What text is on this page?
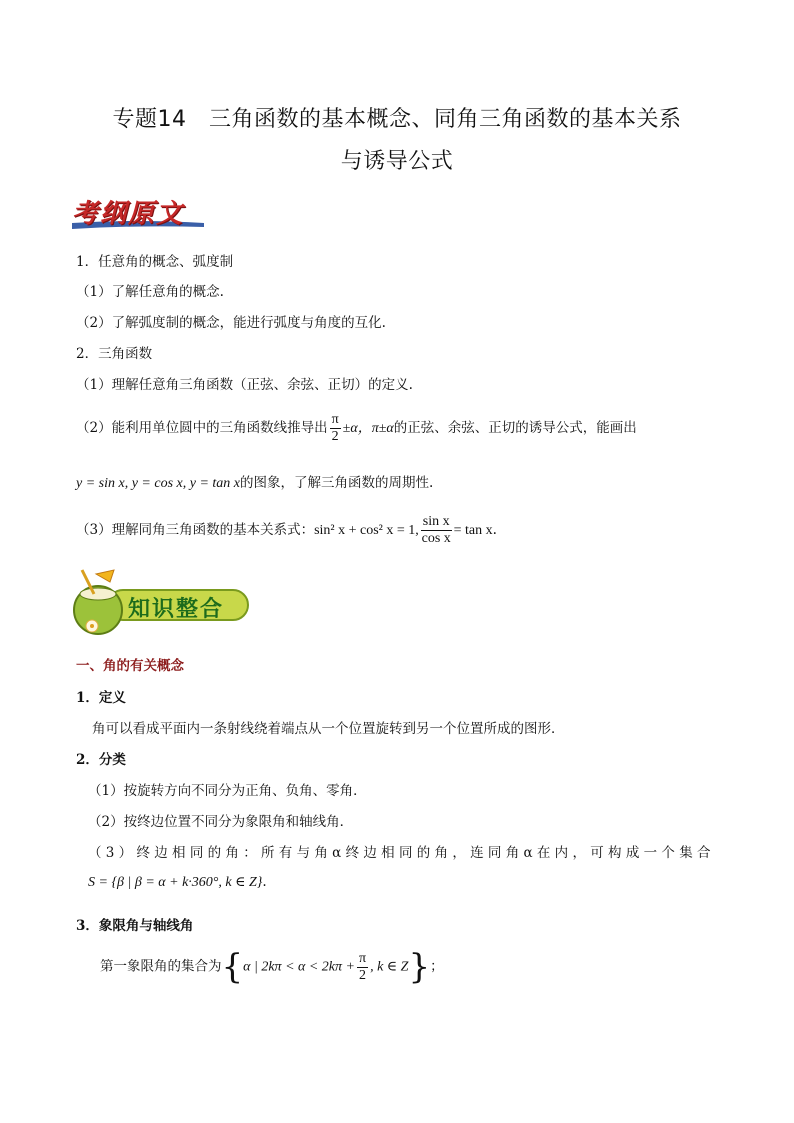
专题14　三角函数的基本概念、同角三角函数的基本关系
与诱导公式
考纲原文
1．任意角的概念、弧度制
（1）了解任意角的概念.
（2）了解弧度制的概念，能进行弧度与角度的互化.
2．三角函数
（1）理解任意角三角函数（正弦、余弦、正切）的定义.
（2）能利用单位圆中的三角函数线推导出 $\frac{\pi}{2} \pm\alpha$，π±α的正弦、余弦、正切的诱导公式，能画出
y = sin x, y = cos x, y = tan x的图象，了解三角函数的周期性.
（3）理解同角三角函数的基本关系式：sin² x + cos² x = 1, $\frac{\text{sin x}}{\text{cos x}} = \tan x$.
知识整合
一、角的有关概念
1．定义
角可以看成平面内一条射线绕着端点从一个位置旋转到另一个位置所成的图形．
2．分类
（1）按旋转方向不同分为正角、负角、零角．
（2）按终边位置不同分为象限角和轴线角．
（ 3 ） 终 边 相 同 的 角 ： 所 有 与 角 α 终 边 相 同 的 角 ， 连 同 角 α 在 内 ， 可 构 成 一 个 集 合
S = {β | β = α + k·360°, k ∈ Z}.
3．象限角与轴线角
第一象限角的集合为{α | $2k\pi < \alpha < 2k\pi + \frac{\pi}{2}$ , k ∈ Z}；
